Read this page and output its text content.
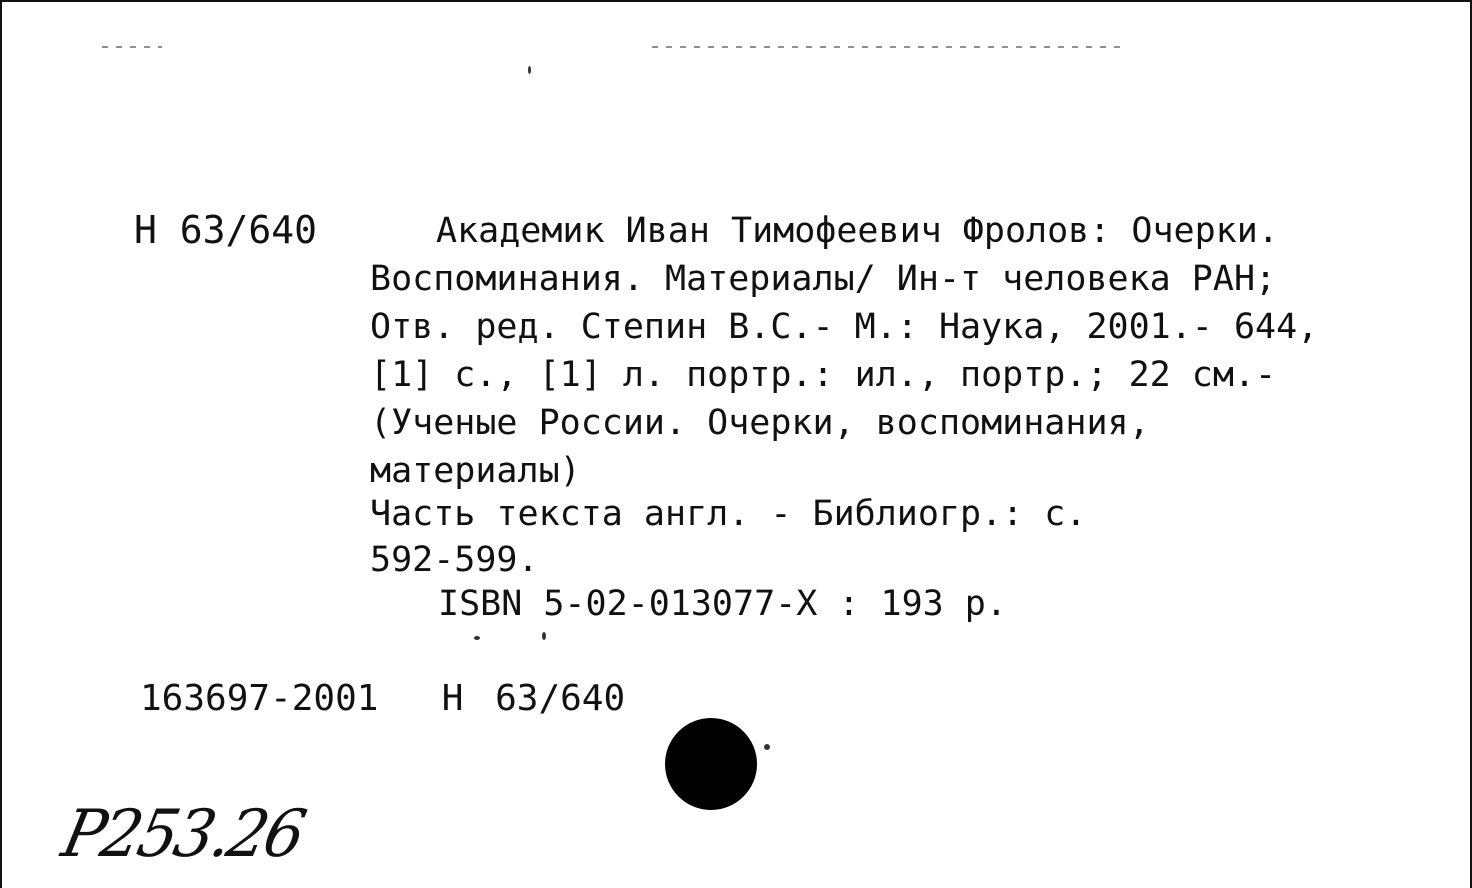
Н 63/640	Академик Иван Тимофеевич Фролов: Очерки.
Воспоминания. Материалы/ Ин-т человека РАН;
Отв. ред. Степин В.С.- М.: Наука, 2001.- 644,
[1] с., [1] л. портр.: ил., портр.; 22 см.-
(Ученые России. Очерки, воспоминания,
материалы)
Часть текста англ. - Библиогр.: с.
592-599.
ISBN 5-02-013077-X : 193 р.
163697-2001  Н 63/640
P253.26
